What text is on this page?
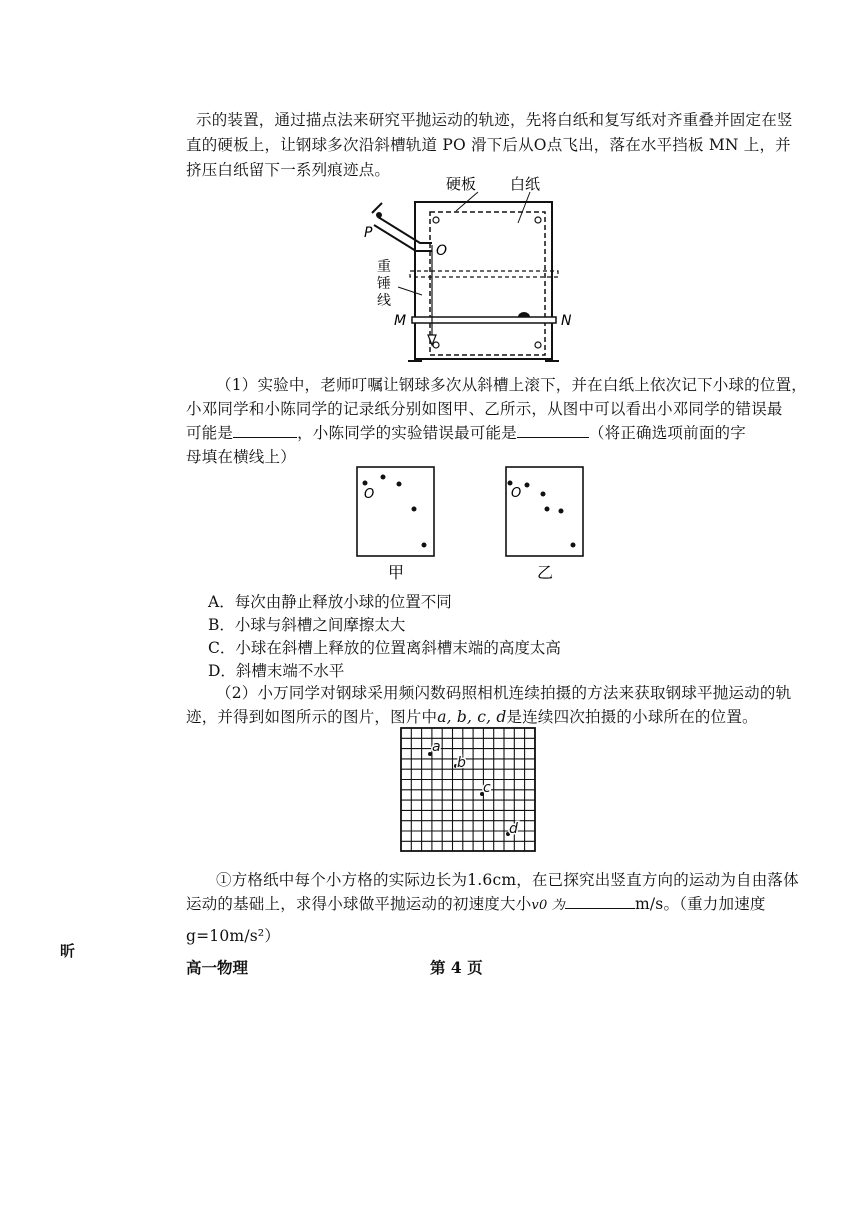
示的装置，通过描点法来研究平抛运动的轨迹，先将白纸和复写纸对齐重叠并固定在竖
直的硬板上，让钢球多次沿斜槽轨道 PO 滑下后从O点飞出，落在水平挡板 MN 上，并
挤压白纸留下一系列痕迹点。
硬板 白纸
P
O
重
锤
线
M	N
（1）实验中，老师叮嘱让钢球多次从斜槽上滚下，并在白纸上依次记下小球的位置，
小邓同学和小陈同学的记录纸分别如图甲、乙所示，从图中可以看出小邓同学的错误最
可能是	，小陈同学的实验错误最可能是	（将正确选项前面的字
母填在横线上）
O
甲
O
乙
A．每次由静止释放小球的位置不同
B．小球与斜槽之间摩擦太大
C．小球在斜槽上释放的位置离斜槽末端的高度太高
D．斜槽末端不水平
（2）小万同学对钢球采用频闪数码照相机连续拍摄的方法来获取钢球平抛运动的轨
迹，并得到如图所示的图片，图片中a, b, c, d是连续四次拍摄的小球所在的位置。
a
b
c
d
①方格纸中每个小方格的实际边长为1.6cm，在已探究出竖直方向的运动为自由落体
运动的基础上，求得小球做平抛运动的初速度大小v0 为	m/s。（重力加速度
g=10m/s²）
昕
高一物理	第 4 页
